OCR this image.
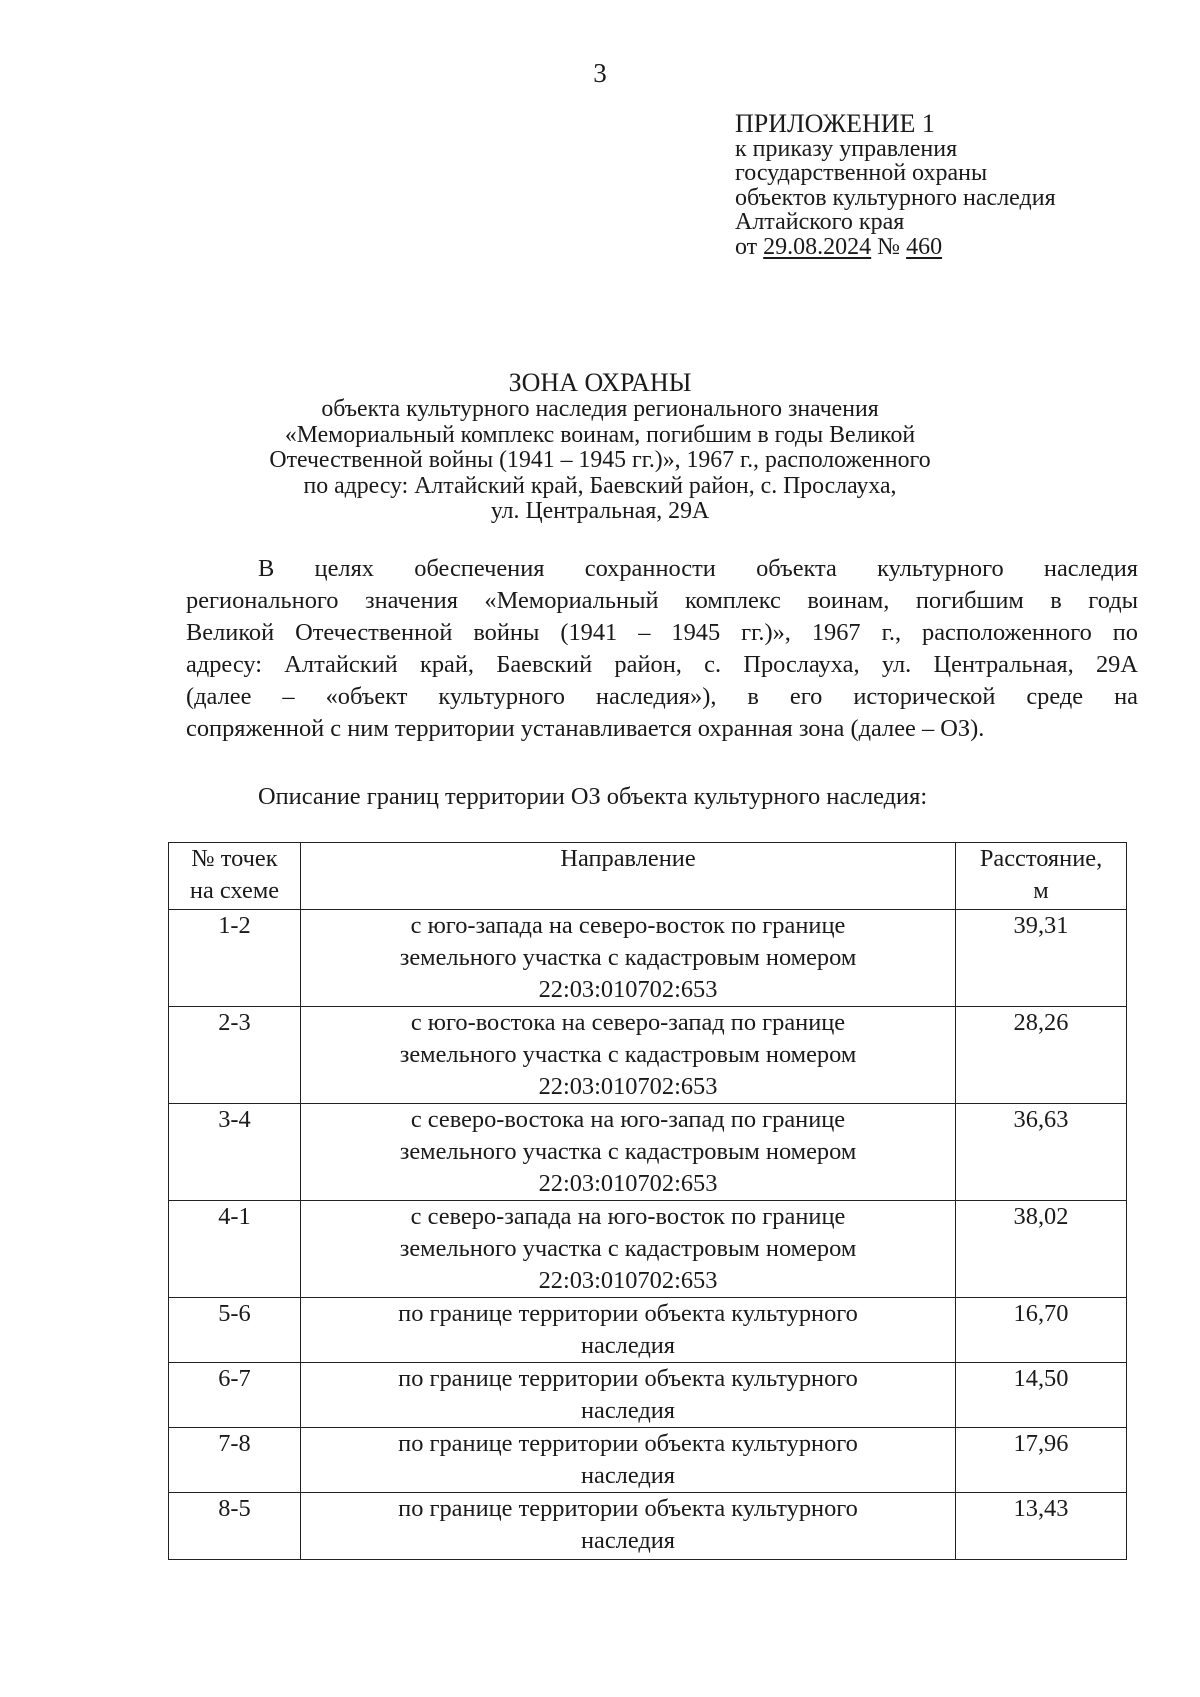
3
ПРИЛОЖЕНИЕ 1
к приказу управления
государственной охраны
объектов культурного наследия
Алтайского края
от 29.08.2024 № 460
ЗОНА ОХРАНЫ
объекта культурного наследия регионального значения
«Мемориальный комплекс воинам, погибшим в годы Великой
Отечественной войны (1941 – 1945 гг.)», 1967 г., расположенного
по адресу: Алтайский край, Баевский район, с. Прослауха,
ул. Центральная, 29А
В целях обеспечения сохранности объекта культурного наследия
регионального значения «Мемориальный комплекс воинам, погибшим в годы
Великой Отечественной войны (1941 – 1945 гг.)», 1967 г., расположенного по
адресу: Алтайский край, Баевский район, с. Прослауха, ул. Центральная, 29А
(далее – «объект культурного наследия»), в его исторической среде на
сопряженной с ним территории устанавливается охранная зона (далее – ОЗ).
Описание границ территории ОЗ объекта культурного наследия:
№ точек
на схеме	Направление	Расстояние,
м
1-2	с юго-запада на северо-восток по границе
земельного участка с кадастровым номером
22:03:010702:653	39,31
2-3	с юго-востока на северо-запад по границе
земельного участка с кадастровым номером
22:03:010702:653	28,26
3-4	с северо-востока на юго-запад по границе
земельного участка с кадастровым номером
22:03:010702:653	36,63
4-1	с северо-запада на юго-восток по границе
земельного участка с кадастровым номером
22:03:010702:653	38,02
5-6	по границе территории объекта культурного
наследия	16,70
6-7	по границе территории объекта культурного
наследия	14,50
7-8	по границе территории объекта культурного
наследия	17,96
8-5	по границе территории объекта культурного
наследия	13,43
